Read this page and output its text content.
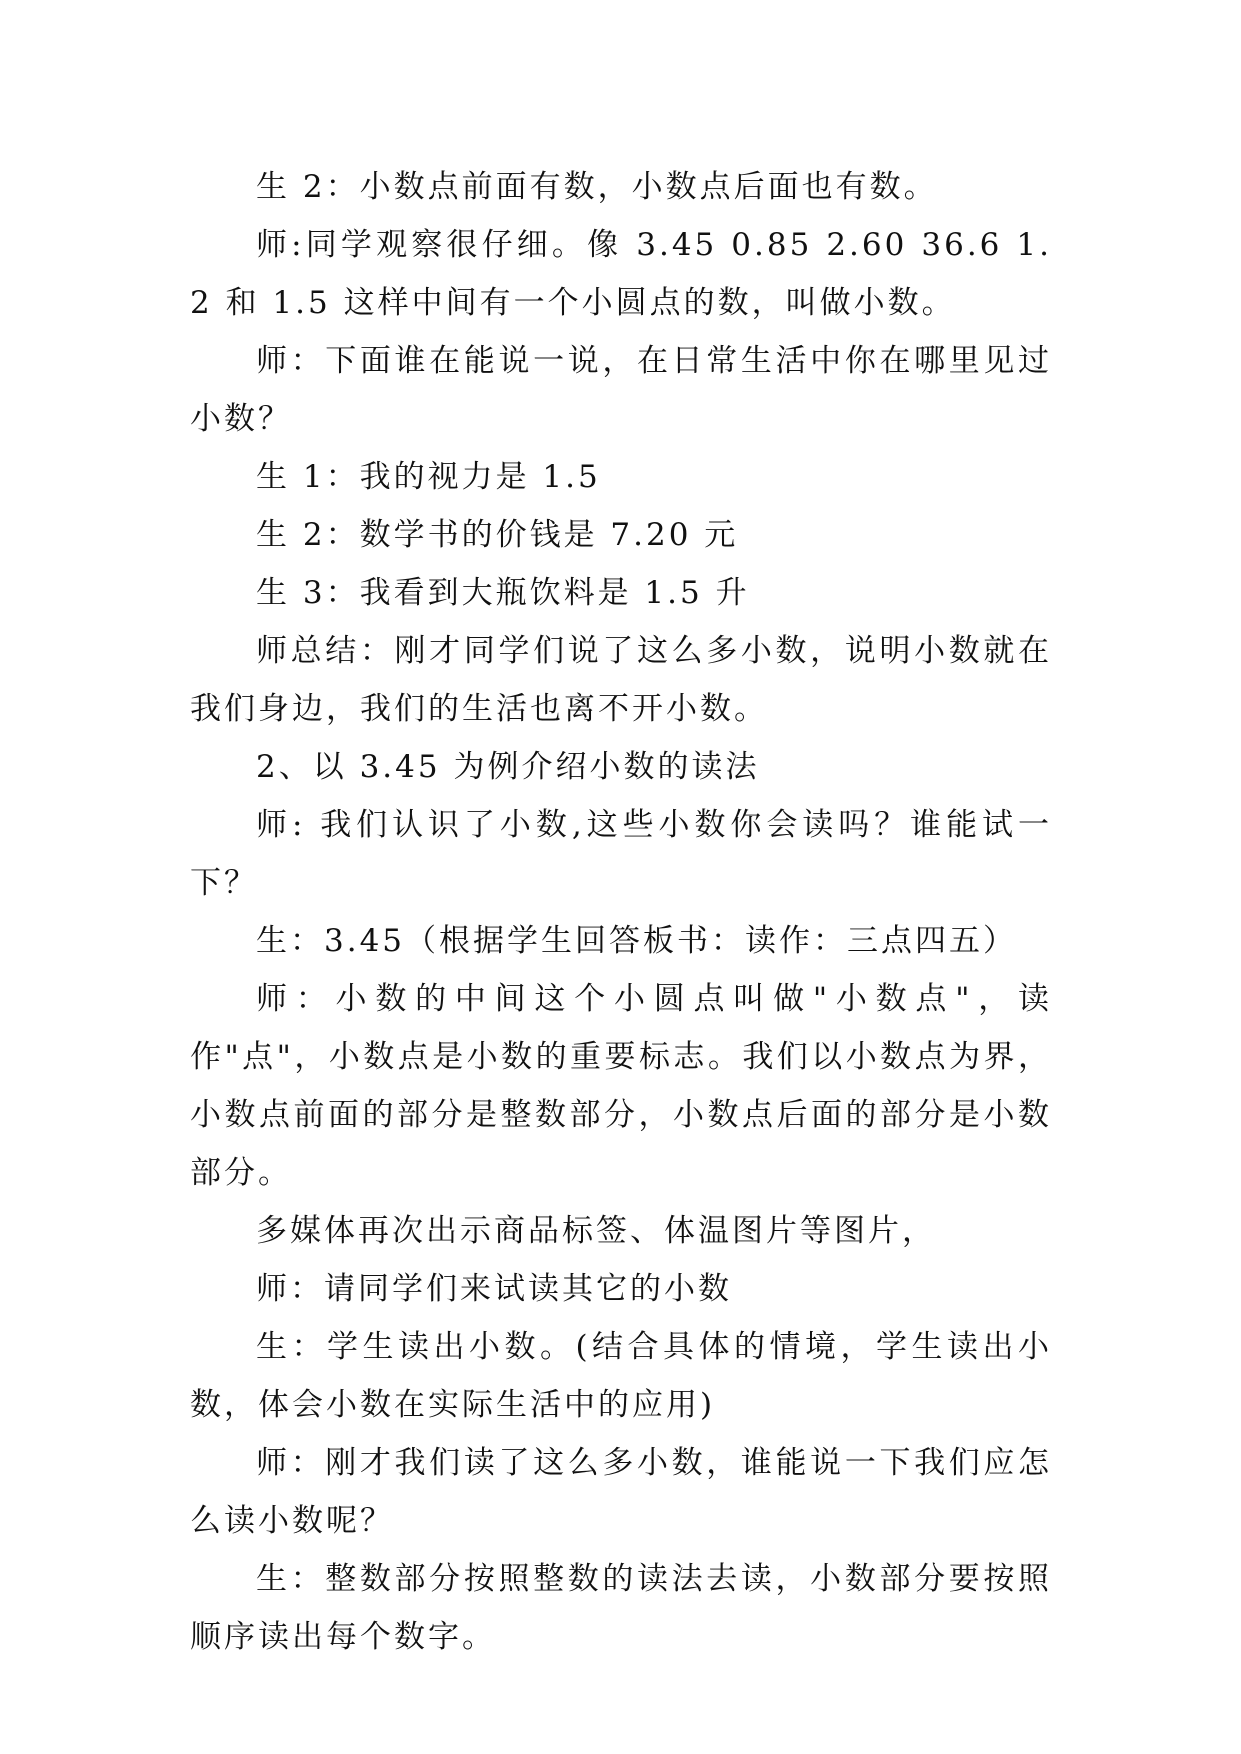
生 2：小数点前面有数，小数点后面也有数。

师:同学观察很仔细。像 3.45 0.85 2.60 36.6 1.2 和 1.5 这样中间有一个小圆点的数，叫做小数。

师：下面谁在能说一说，在日常生活中你在哪里见过小数？

生 1：我的视力是 1.5

生 2：数学书的价钱是 7.20 元

生 3：我看到大瓶饮料是 1.5 升

师总结：刚才同学们说了这么多小数，说明小数就在我们身边，我们的生活也离不开小数。

2、以 3.45 为例介绍小数的读法

师: 我们认识了小数,这些小数你会读吗？谁能试一下？

生：3.45（根据学生回答板书：读作：三点四五）

师：小数的中间这个小圆点叫做"小数点"，读作"点"，小数点是小数的重要标志。我们以小数点为界，小数点前面的部分是整数部分，小数点后面的部分是小数部分。

多媒体再次出示商品标签、体温图片等图片，

师：请同学们来试读其它的小数

生：学生读出小数。(结合具体的情境，学生读出小数，体会小数在实际生活中的应用)

师：刚才我们读了这么多小数，谁能说一下我们应怎么读小数呢？

生：整数部分按照整数的读法去读，小数部分要按照顺序读出每个数字。
